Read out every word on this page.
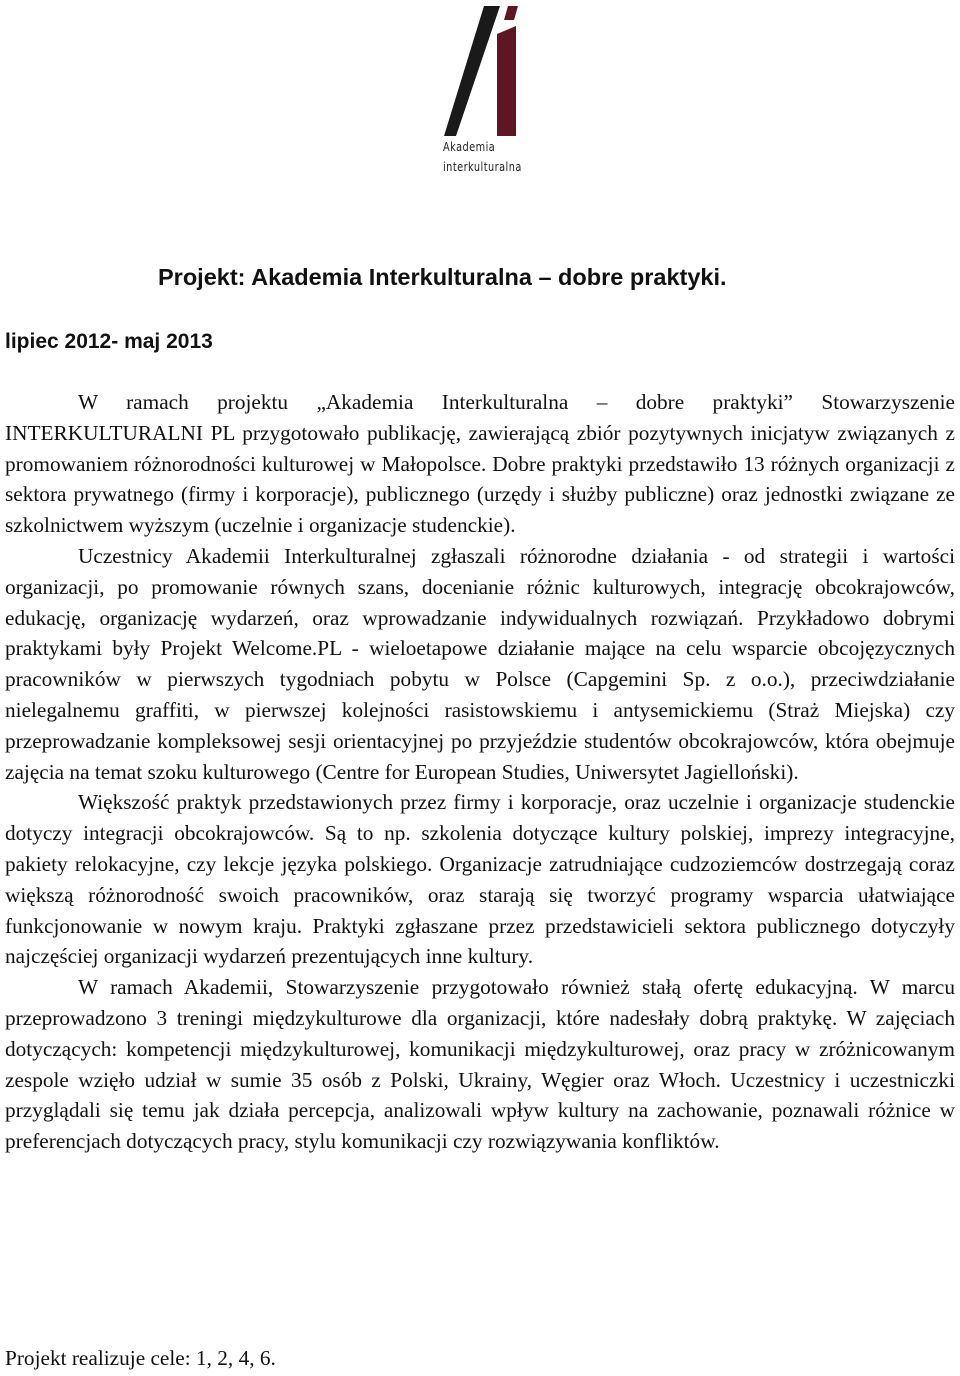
Akademia
interkulturalna
Projekt: Akademia Interkulturalna – dobre praktyki.
lipiec 2012- maj 2013

W ramach projektu „Akademia Interkulturalna – dobre praktyki” Stowarzyszenie INTERKULTURALNI PL przygotowało publikację, zawierającą zbiór pozytywnych inicjatyw związanych z promowaniem różnorodności kulturowej w Małopolsce. Dobre praktyki przedstawiło 13 różnych organizacji z sektora prywatnego (firmy i korporacje), publicznego (urzędy i służby publiczne) oraz jednostki związane ze szkolnictwem wyższym (uczelnie i organizacje studenckie).

Uczestnicy Akademii Interkulturalnej zgłaszali różnorodne działania - od strategii i wartości organizacji, po promowanie równych szans, docenianie różnic kulturowych, integrację obcokrajowców, edukację, organizację wydarzeń, oraz wprowadzanie indywidualnych rozwiązań. Przykładowo dobrymi praktykami były Projekt Welcome.PL - wieloetapowe działanie mające na celu wsparcie obcojęzycznych pracowników w pierwszych tygodniach pobytu w Polsce (Capgemini Sp. z o.o.), przeciwdziałanie nielegalnemu graffiti, w pierwszej kolejności rasistowskiemu i antysemickiemu (Straż Miejska) czy przeprowadzanie kompleksowej sesji orientacyjnej po przyjeździe studentów obcokrajowców, która obejmuje zajęcia na temat szoku kulturowego (Centre for European Studies, Uniwersytet Jagielloński).

Większość praktyk przedstawionych przez firmy i korporacje, oraz uczelnie i organizacje studenckie dotyczy integracji obcokrajowców. Są to np. szkolenia dotyczące kultury polskiej, imprezy integracyjne, pakiety relokacyjne, czy lekcje języka polskiego. Organizacje zatrudniające cudzoziemców dostrzegają coraz większą różnorodność swoich pracowników, oraz starają się tworzyć programy wsparcia ułatwiające funkcjonowanie w nowym kraju. Praktyki zgłaszane przez przedstawicieli sektora publicznego dotyczyły najczęściej organizacji wydarzeń prezentujących inne kultury.

W ramach Akademii, Stowarzyszenie przygotowało również stałą ofertę edukacyjną. W marcu przeprowadzono 3 treningi międzykulturowe dla organizacji, które nadesłały dobrą praktykę. W zajęciach dotyczących: kompetencji międzykulturowej, komunikacji międzykulturowej, oraz pracy w zróżnicowanym zespole wzięło udział w sumie 35 osób z Polski, Ukrainy, Węgier oraz Włoch. Uczestnicy i uczestniczki przyglądali się temu jak działa percepcja, analizowali wpływ kultury na zachowanie, poznawali różnice w preferencjach dotyczących pracy, stylu komunikacji czy rozwiązywania konfliktów.

Projekt realizuje cele: 1, 2, 4, 6.
